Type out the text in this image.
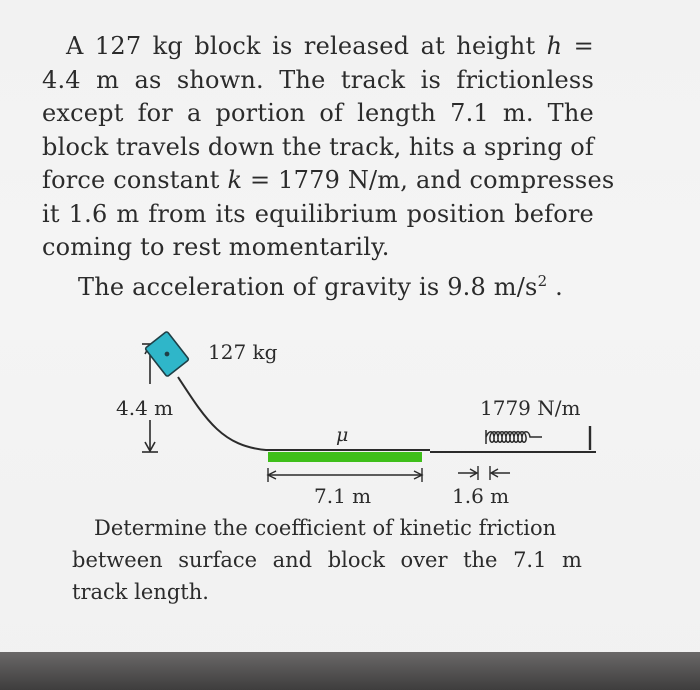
A 127 kg block is released at height h =
4.4 m as shown. The track is frictionless
except for a portion of length 7.1 m. The
block travels down the track, hits a spring of
force constant k = 1779 N/m, and compresses
it 1.6 m from its equilibrium position before
coming to rest momentarily.
The acceleration of gravity is 9.8 $m/s^2$ .
127 kg
4.4 m	1779 N/m
μ
7.1 m	1.6 m
Determine the coefficient of kinetic friction
between surface and block over the 7.1 m
track length.
